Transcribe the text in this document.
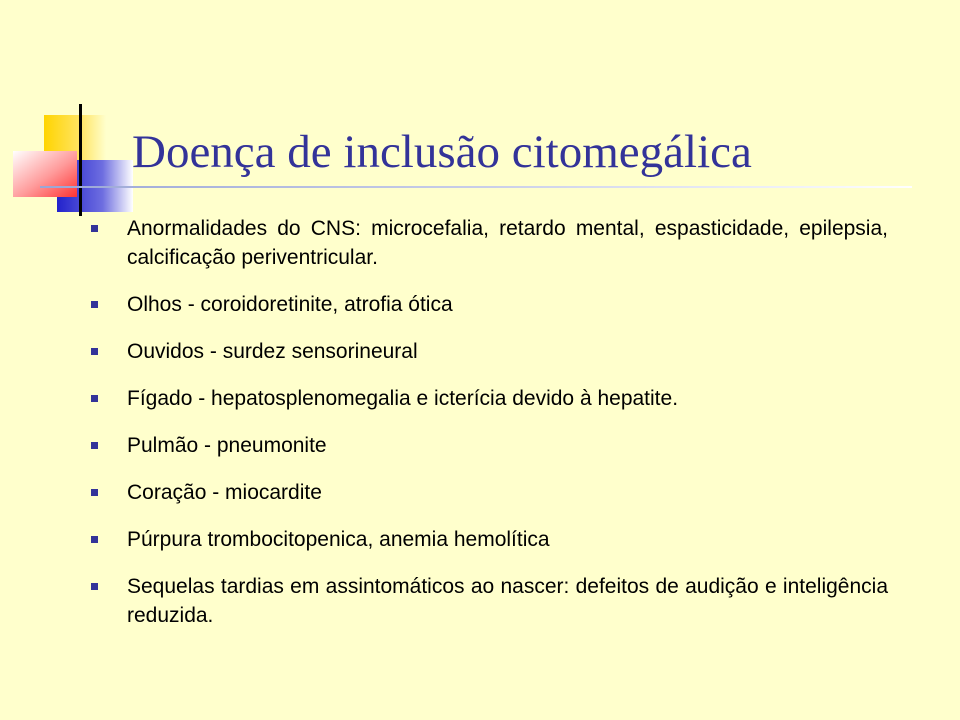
Doença de inclusão citomegálica
Anormalidades do CNS: microcefalia, retardo mental, espasticidade, epilepsia, calcificação periventricular.
Olhos - coroidoretinite, atrofia ótica
Ouvidos - surdez sensorineural
Fígado - hepatosplenomegalia e icterícia devido à hepatite.
Pulmão - pneumonite
Coração - miocardite
Púrpura trombocitopenica, anemia hemolítica
Sequelas tardias em assintomáticos ao nascer: defeitos de audição e inteligência reduzida.
